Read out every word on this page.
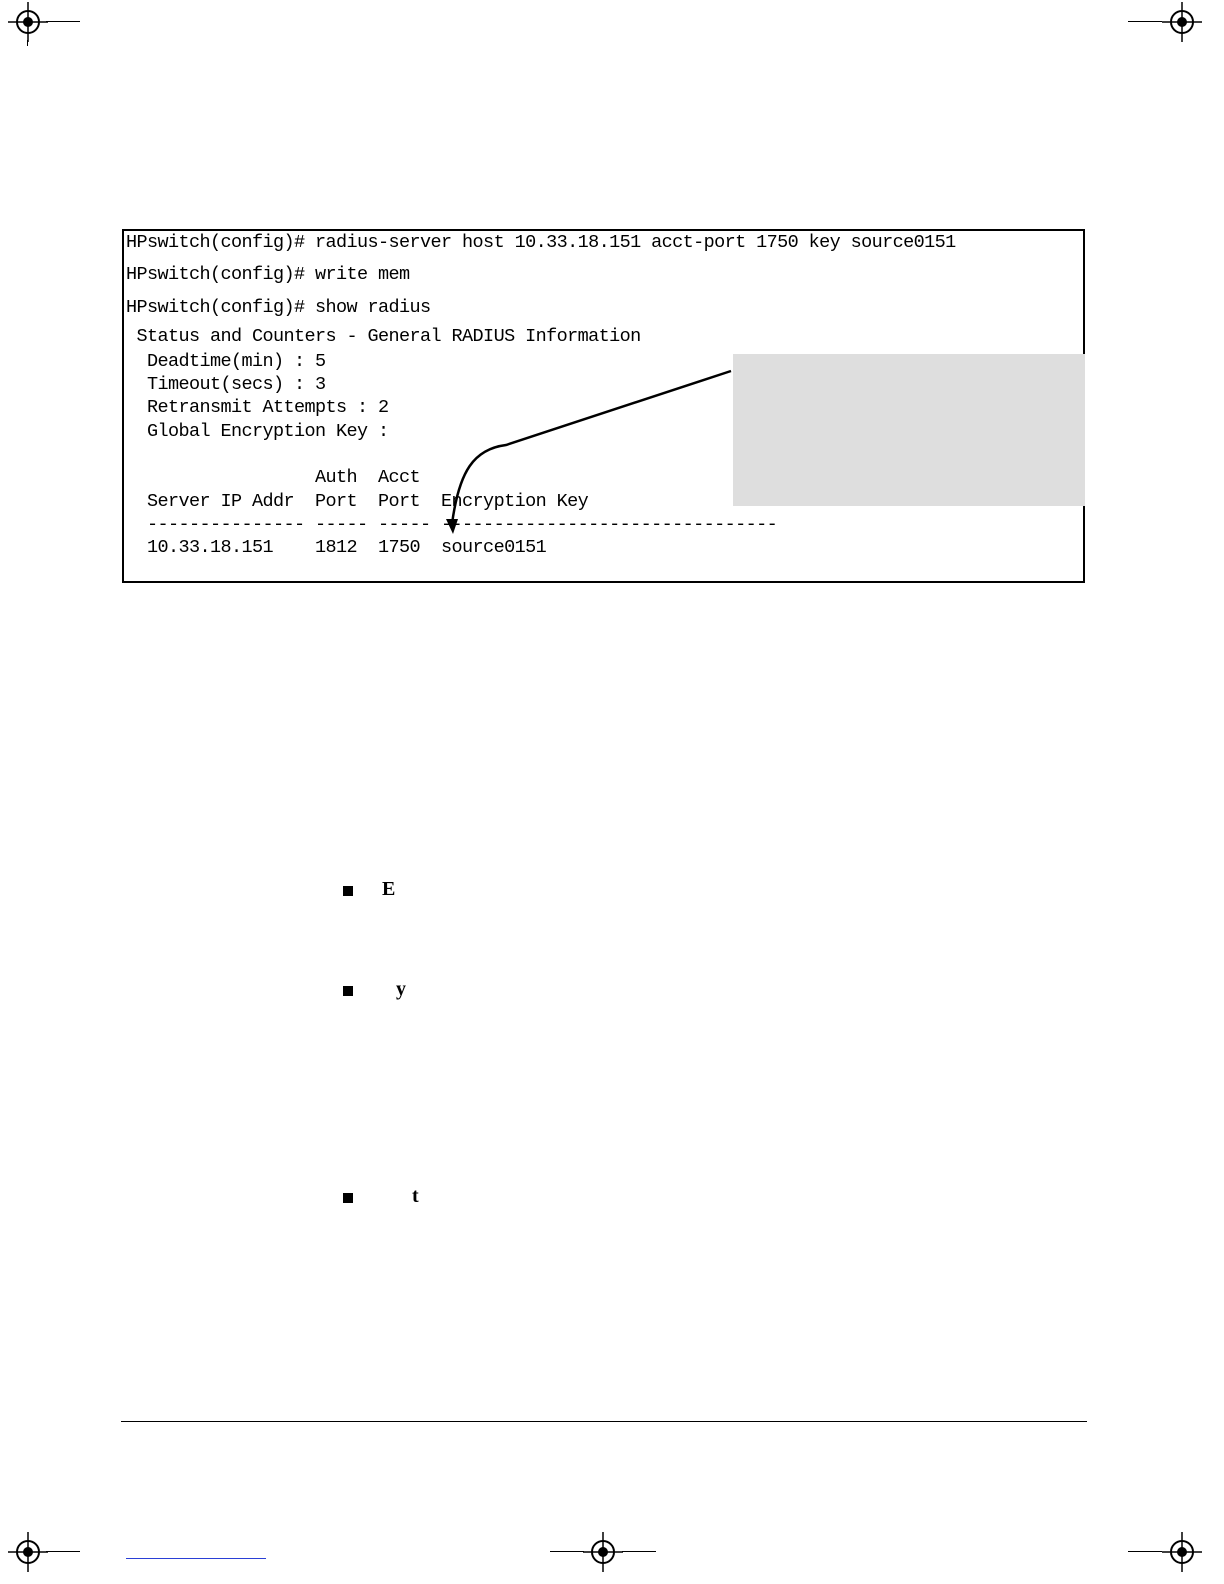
HPswitch(config)# radius-server host 10.33.18.151 acct-port 1750 key source0151
HPswitch(config)# write mem
HPswitch(config)# show radius
Status and Counters - General RADIUS Information
Deadtime(min) : 5
Timeout(secs) : 3
Retransmit Attempts : 2
Global Encryption Key :
Auth  Acct
Server IP Addr  Port  Port  Encryption Key
--------------- ----- ----- --------------------------------
10.33.18.151    1812  1750  source0151
E
y
t
